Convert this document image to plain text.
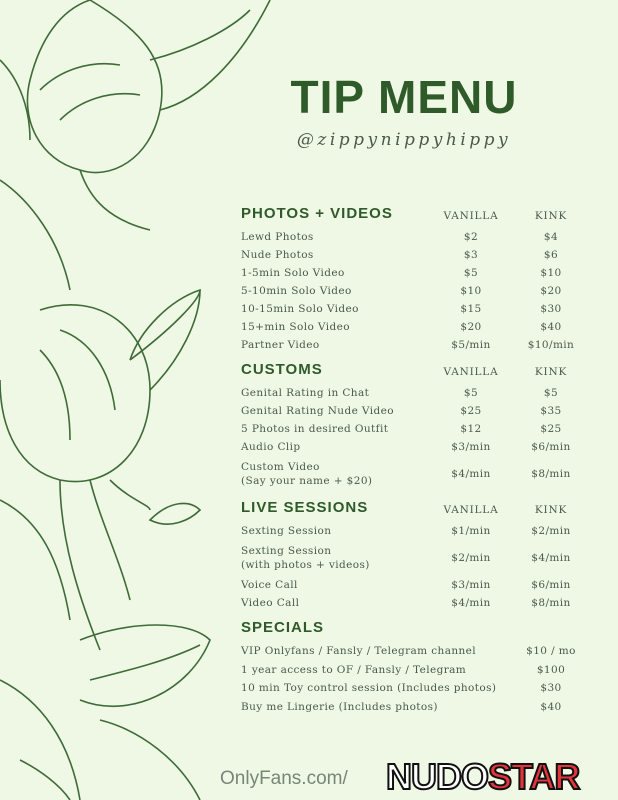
TIP MENU
@zippynippyhippy
PHOTOS + VIDEOS	VANILLA	KINK
Lewd Photos	$2	$4
Nude Photos	$3	$6
1-5min Solo Video	$5	$10
5-10min Solo Video	$10	$20
10-15min Solo Video	$15	$30
15+min Solo Video	$20	$40
Partner Video	$5/min	$10/min
CUSTOMS	VANILLA	KINK
Genital Rating in Chat	$5	$5
Genital Rating Nude Video	$25	$35
5 Photos in desired Outfit	$12	$25
Audio Clip	$3/min	$6/min
Custom Video
(Say your name + $20)
$4/min	$8/min
LIVE SESSIONS	VANILLA	KINK
Sexting Session	$1/min	$2/min
Sexting Session
(with photos + videos)
$2/min	$4/min
Voice Call	$3/min	$6/min
Video Call	$4/min	$8/min
SPECIALS
VIP Onlyfans / Fansly / Telegram channel	$10 / mo
1 year access to OF / Fansly / Telegram	$100
10 min Toy control session (Includes photos)	$30
Buy me Lingerie (Includes photos)	$40
OnlyFans.com/ NUDOSTAR
